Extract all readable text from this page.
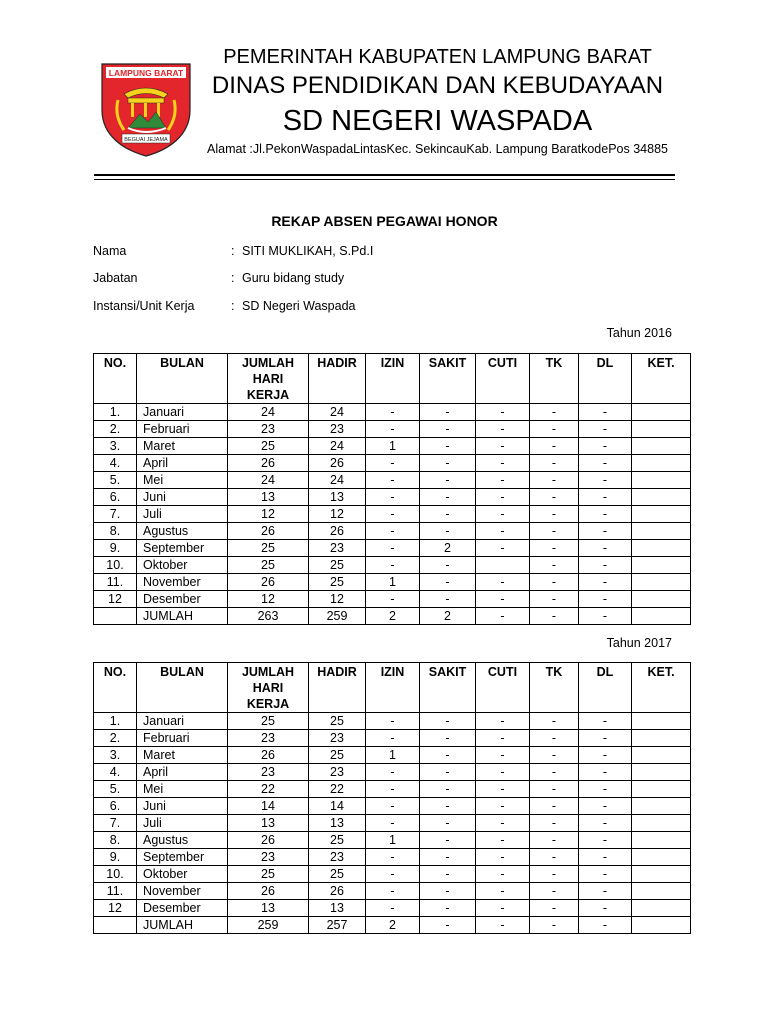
LAMPUNG BARAT
BEGUAI JEJAMA
PEMERINTAH KABUPATEN LAMPUNG BARAT
DINAS PENDIDIKAN DAN KEBUDAYAAN
SD NEGERI WASPADA
Alamat :Jl.PekonWaspadaLintasKec. SekincauKab. Lampung BaratkodePos 34885
REKAP ABSEN PEGAWAI HONOR
Nama	: SITI MUKLIKAH, S.Pd.I
Jabatan	: Guru bidang study
Instansi/Unit Kerja	: SD Negeri Waspada
Tahun 2016
Tahun 2017
NO.	BULAN	JUMLAH HARI KERJA	HADIR	IZIN	SAKIT	CUTI	TK	DL	KET.
1.	Januari	24	24	-	-	-	-	-	
2.	Februari	23	23	-	-	-	-	-	
3.	Maret	25	24	1	-	-	-	-	
4.	April	26	26	-	-	-	-	-	
5.	Mei	24	24	-	-	-	-	-	
6.	Juni	13	13	-	-	-	-	-	
7.	Juli	12	12	-	-	-	-	-	
8.	Agustus	26	26	-	-	-	-	-	
9.	September	25	23	-	2	-	-	-	
10.	Oktober	25	25	-	-		-	-	
11.	November	26	25	1	-	-	-	-	
12	Desember	12	12	-	-	-	-	-	
	JUMLAH	263	259	2	2	-	-	-	
NO.	BULAN	JUMLAH HARI KERJA	HADIR	IZIN	SAKIT	CUTI	TK	DL	KET.
1.	Januari	25	25	-	-	-	-	-	
2.	Februari	23	23	-	-	-	-	-	
3.	Maret	26	25	1	-	-	-	-	
4.	April	23	23	-	-	-	-	-	
5.	Mei	22	22	-	-	-	-	-	
6.	Juni	14	14	-	-	-	-	-	
7.	Juli	13	13	-	-	-	-	-	
8.	Agustus	26	25	1	-	-	-	-	
9.	September	23	23	-	-	-	-	-	
10.	Oktober	25	25	-	-	-	-	-	
11.	November	26	26	-	-	-	-	-	
12	Desember	13	13	-	-	-	-	-	
	JUMLAH	259	257	2	-	-	-	-	
